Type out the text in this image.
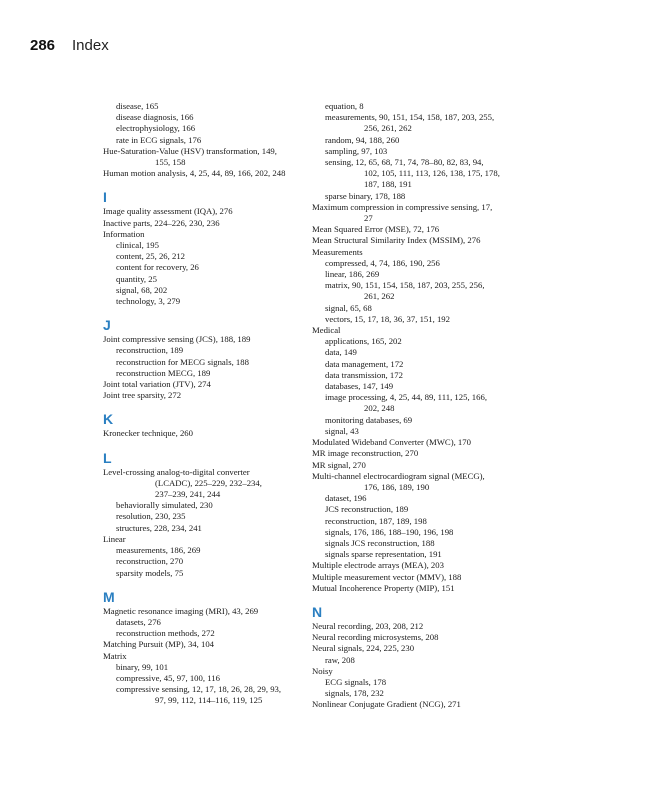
286 Index
disease, 165
disease diagnosis, 166
electrophysiology, 166
rate in ECG signals, 176
Hue-Saturation-Value (HSV) transformation, 149,
155, 158
Human motion analysis, 4, 25, 44, 89, 166, 202, 248
I
Image quality assessment (IQA), 276
Inactive parts, 224–226, 230, 236
Information
clinical, 195
content, 25, 26, 212
content for recovery, 26
quantity, 25
signal, 68, 202
technology, 3, 279
J
Joint compressive sensing (JCS), 188, 189
reconstruction, 189
reconstruction for MECG signals, 188
reconstruction MECG, 189
Joint total variation (JTV), 274
Joint tree sparsity, 272
K
Kronecker technique, 260
L
Level-crossing analog-to-digital converter
(LCADC), 225–229, 232–234,
237–239, 241, 244
behaviorally simulated, 230
resolution, 230, 235
structures, 228, 234, 241
Linear
measurements, 186, 269
reconstruction, 270
sparsity models, 75
M
Magnetic resonance imaging (MRI), 43, 269
datasets, 276
reconstruction methods, 272
Matching Pursuit (MP), 34, 104
Matrix
binary, 99, 101
compressive, 45, 97, 100, 116
compressive sensing, 12, 17, 18, 26, 28, 29, 93,
97, 99, 112, 114–116, 119, 125
equation, 8
measurements, 90, 151, 154, 158, 187, 203, 255,
256, 261, 262
random, 94, 188, 260
sampling, 97, 103
sensing, 12, 65, 68, 71, 74, 78–80, 82, 83, 94,
102, 105, 111, 113, 126, 138, 175, 178,
187, 188, 191
sparse binary, 178, 188
Maximum compression in compressive sensing, 17,
27
Mean Squared Error (MSE), 72, 176
Mean Structural Similarity Index (MSSIM), 276
Measurements
compressed, 4, 74, 186, 190, 256
linear, 186, 269
matrix, 90, 151, 154, 158, 187, 203, 255, 256,
261, 262
signal, 65, 68
vectors, 15, 17, 18, 36, 37, 151, 192
Medical
applications, 165, 202
data, 149
data management, 172
data transmission, 172
databases, 147, 149
image processing, 4, 25, 44, 89, 111, 125, 166,
202, 248
monitoring databases, 69
signal, 43
Modulated Wideband Converter (MWC), 170
MR image reconstruction, 270
MR signal, 270
Multi-channel electrocardiogram signal (MECG),
176, 186, 189, 190
dataset, 196
JCS reconstruction, 189
reconstruction, 187, 189, 198
signals, 176, 186, 188–190, 196, 198
signals JCS reconstruction, 188
signals sparse representation, 191
Multiple electrode arrays (MEA), 203
Multiple measurement vector (MMV), 188
Mutual Incoherence Property (MIP), 151
N
Neural recording, 203, 208, 212
Neural recording microsystems, 208
Neural signals, 224, 225, 230
raw, 208
Noisy
ECG signals, 178
signals, 178, 232
Nonlinear Conjugate Gradient (NCG), 271
